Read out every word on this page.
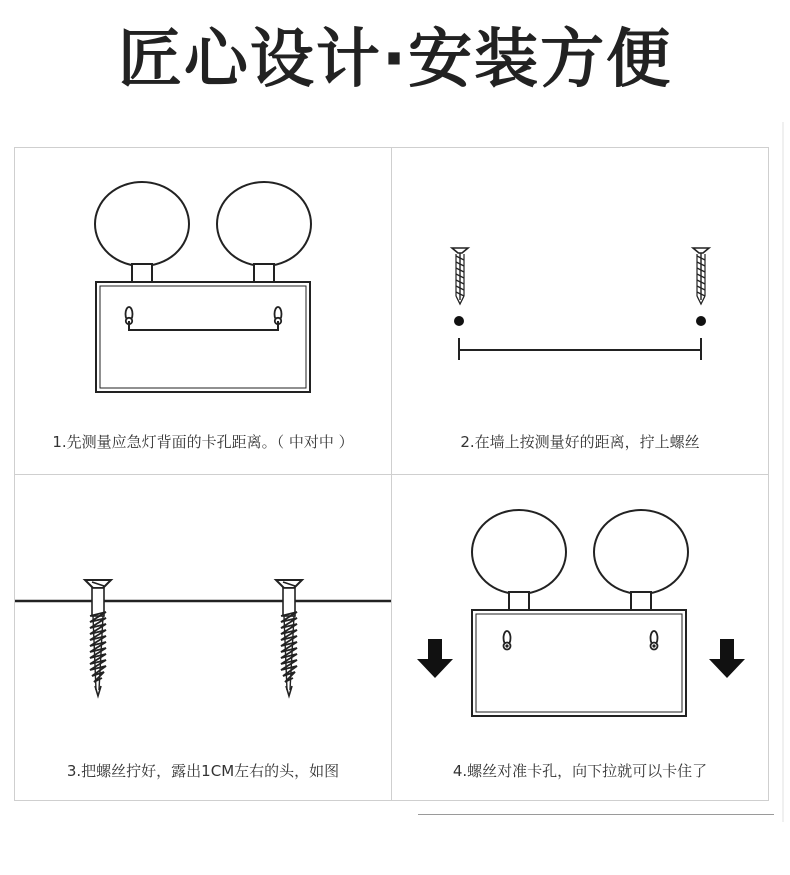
匠心设计·安装方便
1.先测量应急灯背面的卡孔距离。（ 中对中 ）	2.在墙上按测量好的距离，拧上螺丝
3.把螺丝拧好，露出1CM左右的头，如图	4.螺丝对准卡孔，向下拉就可以卡住了
